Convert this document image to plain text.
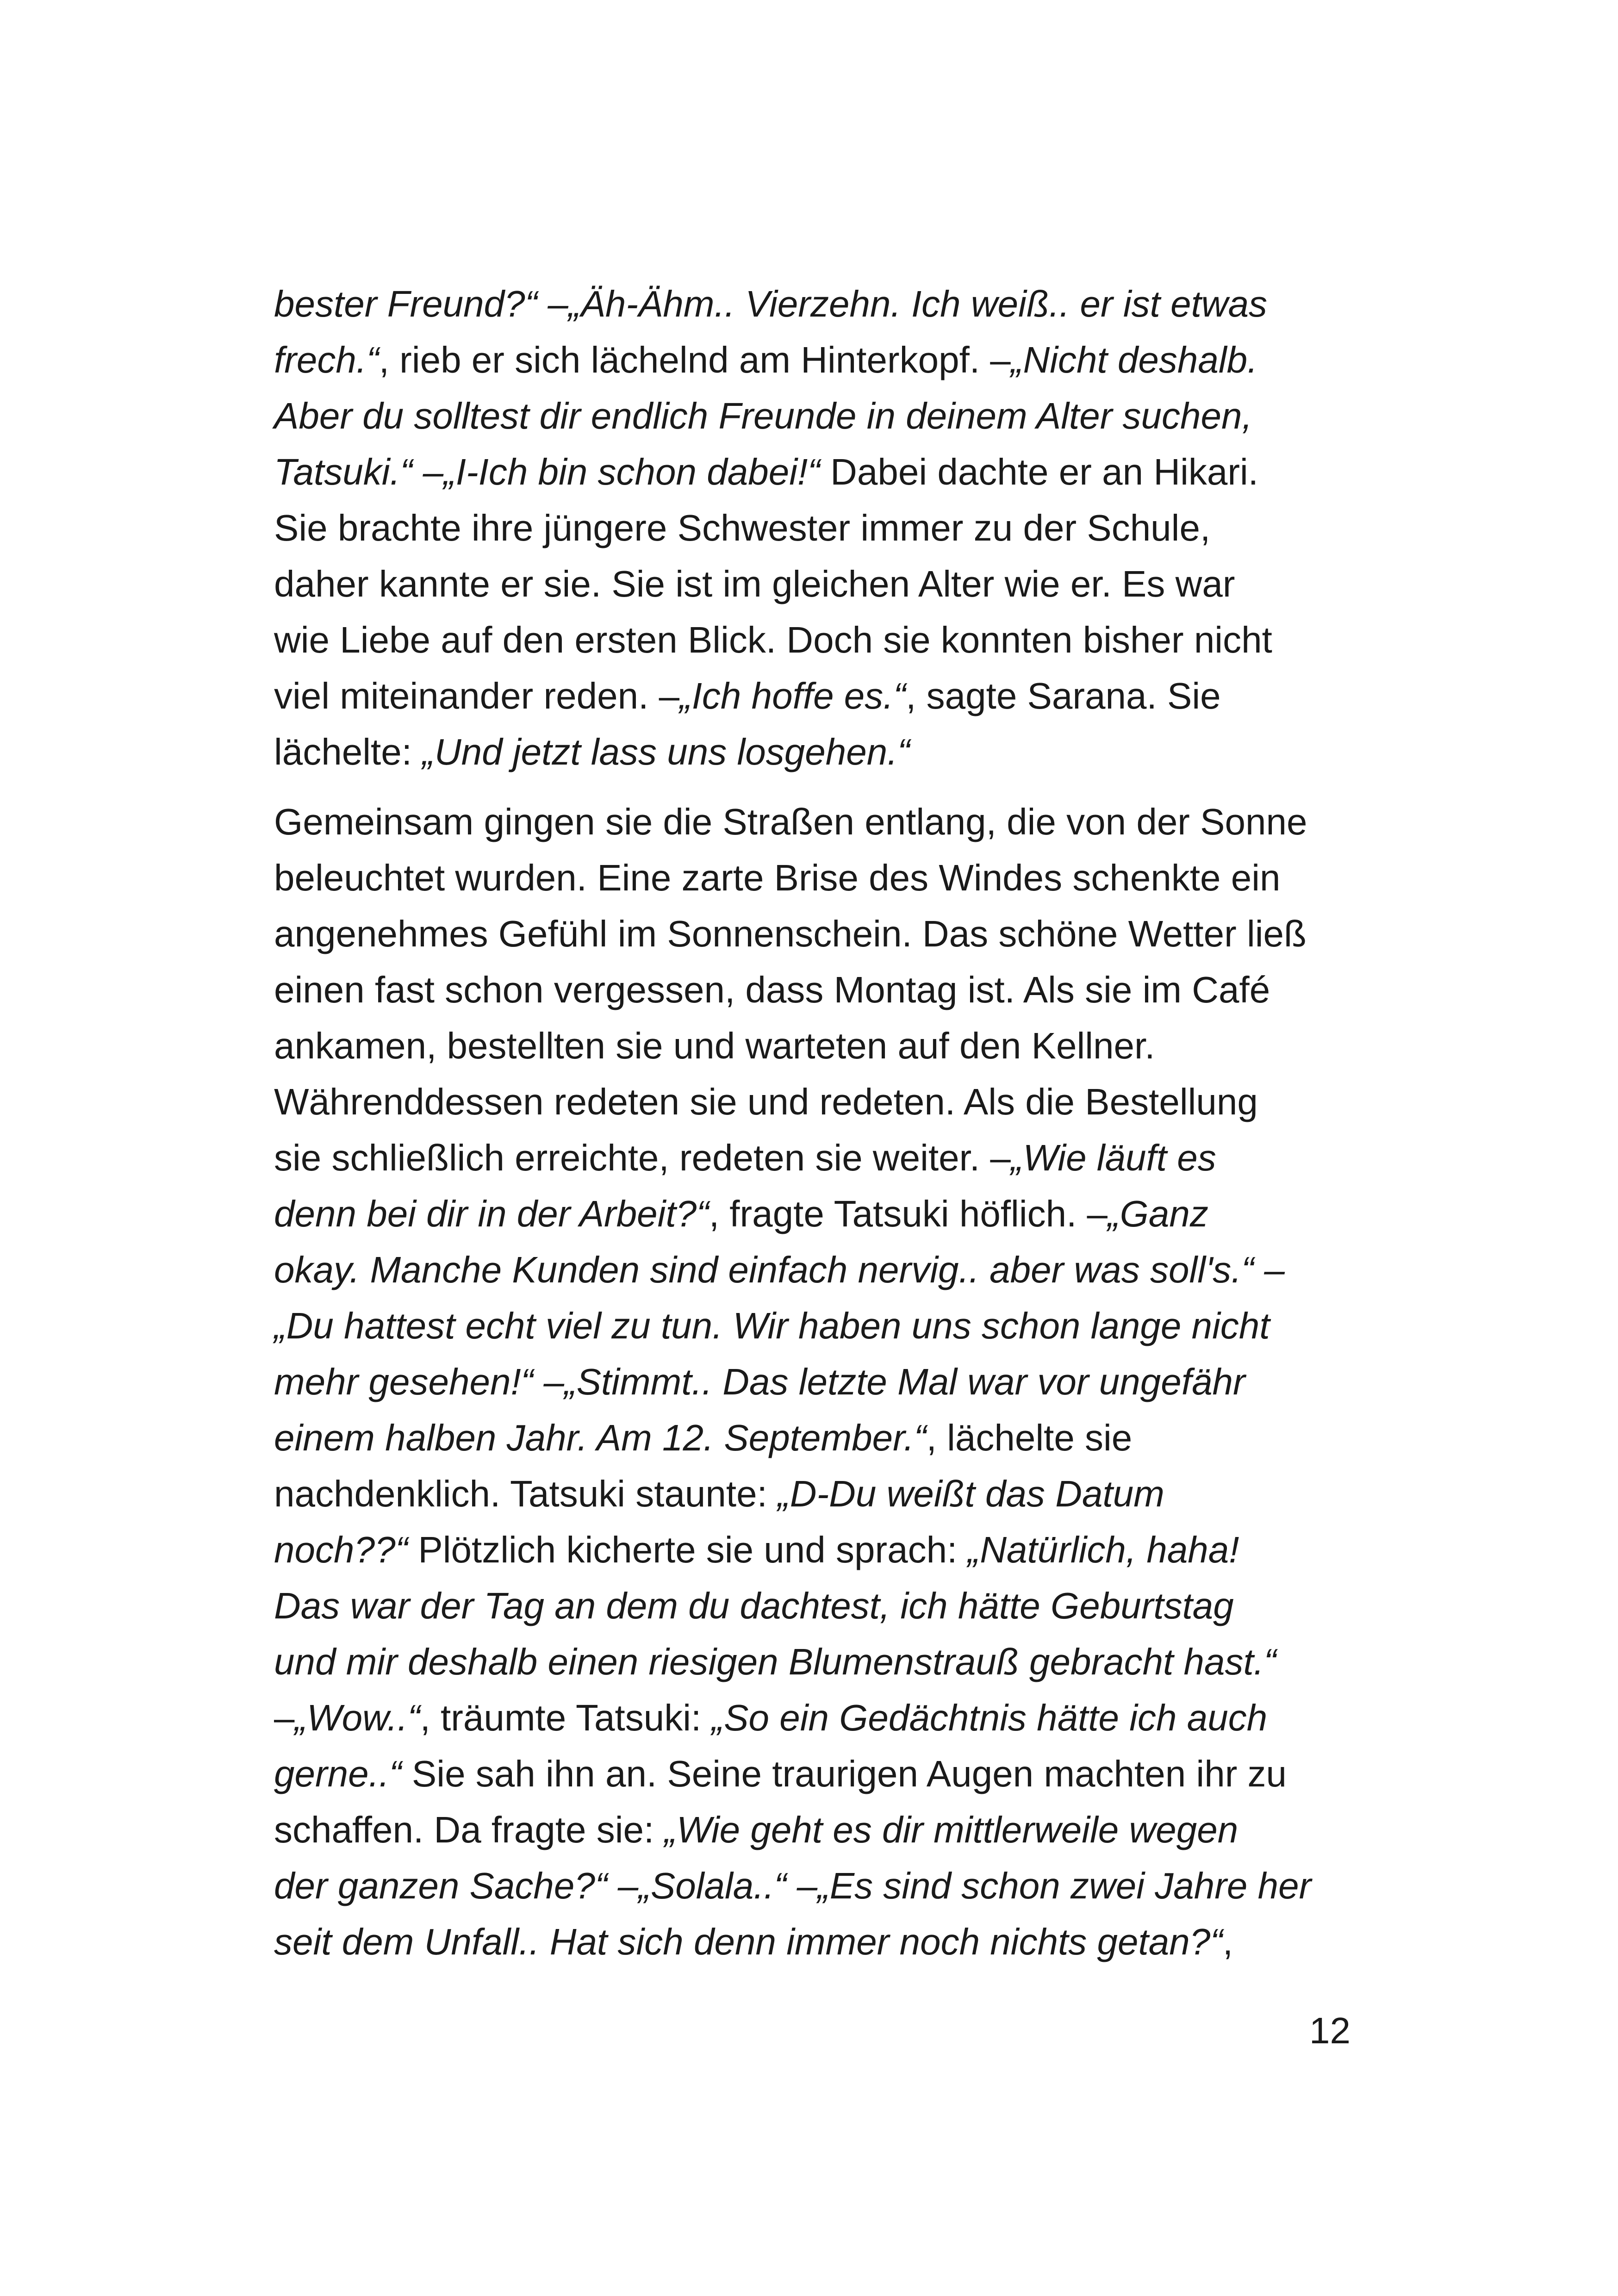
bester Freund?“ –„Äh-Ähm.. Vierzehn. Ich weiß.. er ist etwas
frech.“, rieb er sich lächelnd am Hinterkopf. –„Nicht deshalb.
Aber du solltest dir endlich Freunde in deinem Alter suchen,
Tatsuki.“ –„I-Ich bin schon dabei!“ Dabei dachte er an Hikari.
Sie brachte ihre jüngere Schwester immer zu der Schule,
daher kannte er sie. Sie ist im gleichen Alter wie er. Es war
wie Liebe auf den ersten Blick. Doch sie konnten bisher nicht
viel miteinander reden. –„Ich hoffe es.“, sagte Sarana. Sie
lächelte: „Und jetzt lass uns losgehen.“
Gemeinsam gingen sie die Straßen entlang, die von der Sonne
beleuchtet wurden. Eine zarte Brise des Windes schenkte ein
angenehmes Gefühl im Sonnenschein. Das schöne Wetter ließ
einen fast schon vergessen, dass Montag ist. Als sie im Café
ankamen, bestellten sie und warteten auf den Kellner.
Währenddessen redeten sie und redeten. Als die Bestellung
sie schließlich erreichte, redeten sie weiter. –„Wie läuft es
denn bei dir in der Arbeit?“, fragte Tatsuki höflich. –„Ganz
okay. Manche Kunden sind einfach nervig.. aber was soll's.“ –
„Du hattest echt viel zu tun. Wir haben uns schon lange nicht
mehr gesehen!“ –„Stimmt.. Das letzte Mal war vor ungefähr
einem halben Jahr. Am 12. September.“, lächelte sie
nachdenklich. Tatsuki staunte: „D-Du weißt das Datum
noch??“ Plötzlich kicherte sie und sprach: „Natürlich, haha!
Das war der Tag an dem du dachtest, ich hätte Geburtstag
und mir deshalb einen riesigen Blumenstrauß gebracht hast.“
–„Wow..“, träumte Tatsuki: „So ein Gedächtnis hätte ich auch
gerne..“ Sie sah ihn an. Seine traurigen Augen machten ihr zu
schaffen. Da fragte sie: „Wie geht es dir mittlerweile wegen
der ganzen Sache?“ –„Solala..“ –„Es sind schon zwei Jahre her
seit dem Unfall.. Hat sich denn immer noch nichts getan?“,
12
